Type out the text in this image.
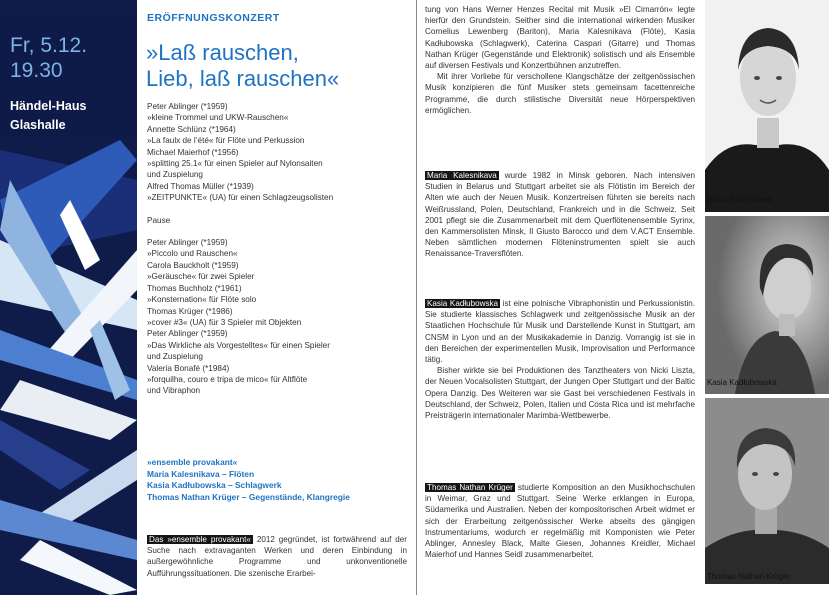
Fr, 5.12.
19.30
Händel-Haus
Glashalle
ERÖFFNUNGSKONZERT
»Laß rauschen,
Lieb, laß rauschen«
Peter Ablinger (*1959)
»kleine Trommel und UKW-Rauschen«
Annette Schlünz (*1964)
»La faulx de l’été« für Flöte und Perkussion
Michael Maierhof (*1956)
»splitting 25.1« für einen Spieler auf Nylonsaiten
und Zuspielung
Alfred Thomas Müller (*1939)
»ZEITPUNKTE« (UA) für einen Schlagzeugsolisten
Pause
Peter Ablinger (*1959)
»Piccolo und Rauschen«
Carola Bauckholt (*1959)
»Geräusche« für zwei Spieler
Thomas Buchholz (*1961)
»Konsternation« für Flöte solo
Thomas Krüger (*1986)
»cover #3« (UA) für 3 Spieler mit Objekten
Peter Ablinger (*1959)
»Das Wirkliche als Vorgestelltes« für einen Spieler
und Zuspielung
Valeria Bonafé (*1984)
»forquilha, couro e tripa de mico« für Altflöte
und Vibraphon
»ensemble provakant«
Maria Kalesnikava – Flöten
Kasia Kadłubowska – Schlagwerk
Thomas Nathan Krüger – Gegenstände, Klangregie
Das »ensemble provakant« 2012 gegründet, ist fortwährend auf der Suche nach extravaganten Werken und deren Einbindung in außergewöhnliche Programme und unkonventionelle Aufführungssituationen. Die szenische Erarbei-
tung von Hans Werner Henzes Recital mit Musik »El Cimarrón« legte hierfür den Grundstein. Seither sind die international wirkenden Musiker Cornelius Lewenberg (Bariton), Maria Kalesnikava (Flöte), Kasia Kadłubowska (Schlagwerk), Caterina Caspari (Gitarre) und Thomas Nathan Krüger (Gegenstände und Elektronik) solistisch und als Ensemble auf diversen Festivals und Konzertbühnen anzutreffen.
Mit ihrer Vorliebe für verschollene Klangschätze der zeitgenössischen Musik konzipieren die fünf Musiker stets gemeinsam facettenreiche Programme, die durch stilistische Diversität neue Hörperspektiven ermöglichen.
Maria Kalesnikava wurde 1982 in Minsk geboren. Nach intensiven Studien in Belarus und Stuttgart arbeitet sie als Flötistin im Bereich der Alten wie auch der Neuen Musik. Konzertreisen führten sie bereits nach Weißrussland, Polen, Deutschland, Frankreich und in die Schweiz. Seit 2001 pflegt sie die Zusammenarbeit mit dem Querflötenensemble Syrinx, den Kammersolisten Minsk, Il Giusto Barocco und dem V.ACT Ensemble. Neben sämtlichen modernen Flöteninstrumenten spielt sie auch Renaissance-Traversflöten.
Kasia Kadłubowska ist eine polnische Vibraphonistin und Perkussionistin. Sie studierte klassisches Schlagwerk und zeitgenössische Musik an der Staatlichen Hochschule für Musik und Darstellende Kunst in Stuttgart, am CNSM in Lyon und an der Musikakademie in Danzig. Vorrangig ist sie in den Bereichen der experimentellen Musik, Improvisation und Performance tätig.
Bisher wirkte sie bei Produktionen des Tanztheaters von Nicki Liszta, der Neuen Vocalsolisten Stuttgart, der Jungen Oper Stuttgart und der Baltic Opera Danzig. Des Weiteren war sie Gast bei verschiedenen Festivals in Deutschland, der Schweiz, Polen, Italien und Costa Rica und ist mehrfache Preisträgerin internationaler Marimba-Wettbewerbe.
Thomas Nathan Krüger studierte Komposition an den Musikhochschulen in Weimar, Graz und Stuttgart. Seine Werke erklangen in Europa, Südamerika und Australien. Neben der kompositorischen Arbeit widmet er sich der Erarbeitung zeitgenössischer Werke abseits des gängigen Instrumentariums, wodurch er regelmäßig mit Komponisten wie Peter Ablinger, Annesley Black, Malte Giesen, Johannes Kreidler, Michael Maierhof und Hannes Seidl zusammenarbeitet.
Maria Kalesnikava
Kasia Kadłubowska
Thomas Nathan Krüger
